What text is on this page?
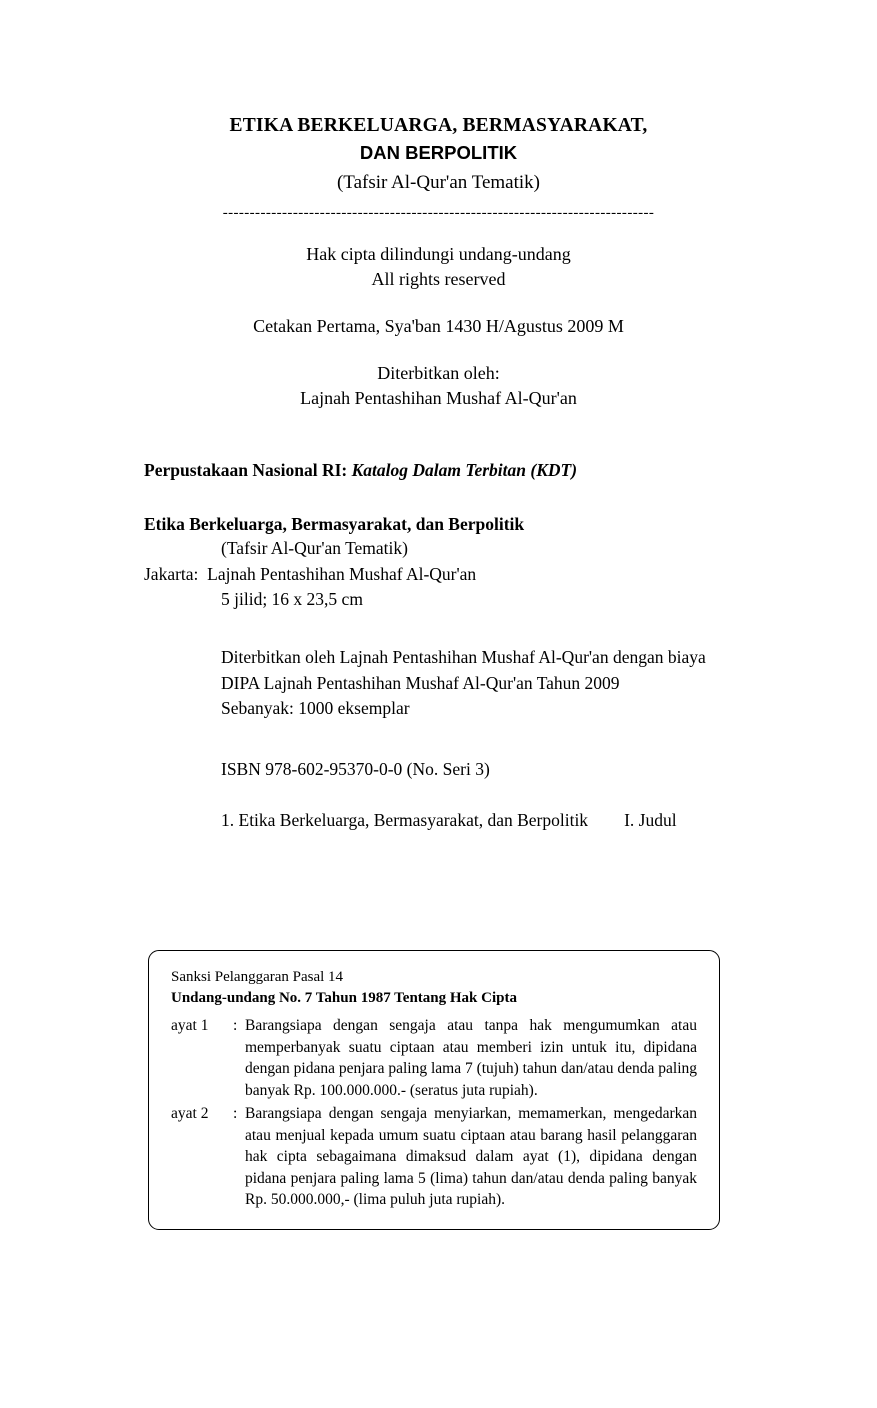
ETIKA BERKELUARGA, BERMASYARAKAT,
DAN BERPOLITIK
(Tafsir Al-Qur'an Tematik)
--------------------------------------------------------------------------------
Hak cipta dilindungi undang-undang
All rights reserved
Cetakan Pertama, Sya'ban 1430 H/Agustus 2009 M
Diterbitkan oleh:
Lajnah Pentashihan Mushaf Al-Qur'an
Perpustakaan Nasional RI: Katalog Dalam Terbitan (KDT)
Etika Berkeluarga, Bermasyarakat, dan Berpolitik
(Tafsir Al-Qur'an Tematik)
Jakarta: Lajnah Pentashihan Mushaf Al-Qur'an
5 jilid; 16 x 23,5 cm
Diterbitkan oleh Lajnah Pentashihan Mushaf Al-Qur'an dengan biaya
DIPA Lajnah Pentashihan Mushaf Al-Qur'an Tahun 2009
Sebanyak: 1000 eksemplar
ISBN 978-602-95370-0-0 (No. Seri 3)
1. Etika Berkeluarga, Bermasyarakat, dan Berpolitik I. Judul
Sanksi Pelanggaran Pasal 14
Undang-undang No. 7 Tahun 1987 Tentang Hak Cipta
ayat 1	: Barangsiapa dengan sengaja atau tanpa hak mengumumkan atau memperbanyak suatu ciptaan atau memberi izin untuk itu, dipidana dengan pidana penjara paling lama 7 (tujuh) tahun dan/atau denda paling banyak Rp. 100.000.000.- (seratus juta rupiah).
ayat 2	: Barangsiapa dengan sengaja menyiarkan, memamerkan, mengedarkan atau menjual kepada umum suatu ciptaan atau barang hasil pelanggaran hak cipta sebagaimana dimaksud dalam ayat (1), dipidana dengan pidana penjara paling lama 5 (lima) tahun dan/atau denda paling banyak Rp. 50.000.000,- (lima puluh juta rupiah).
